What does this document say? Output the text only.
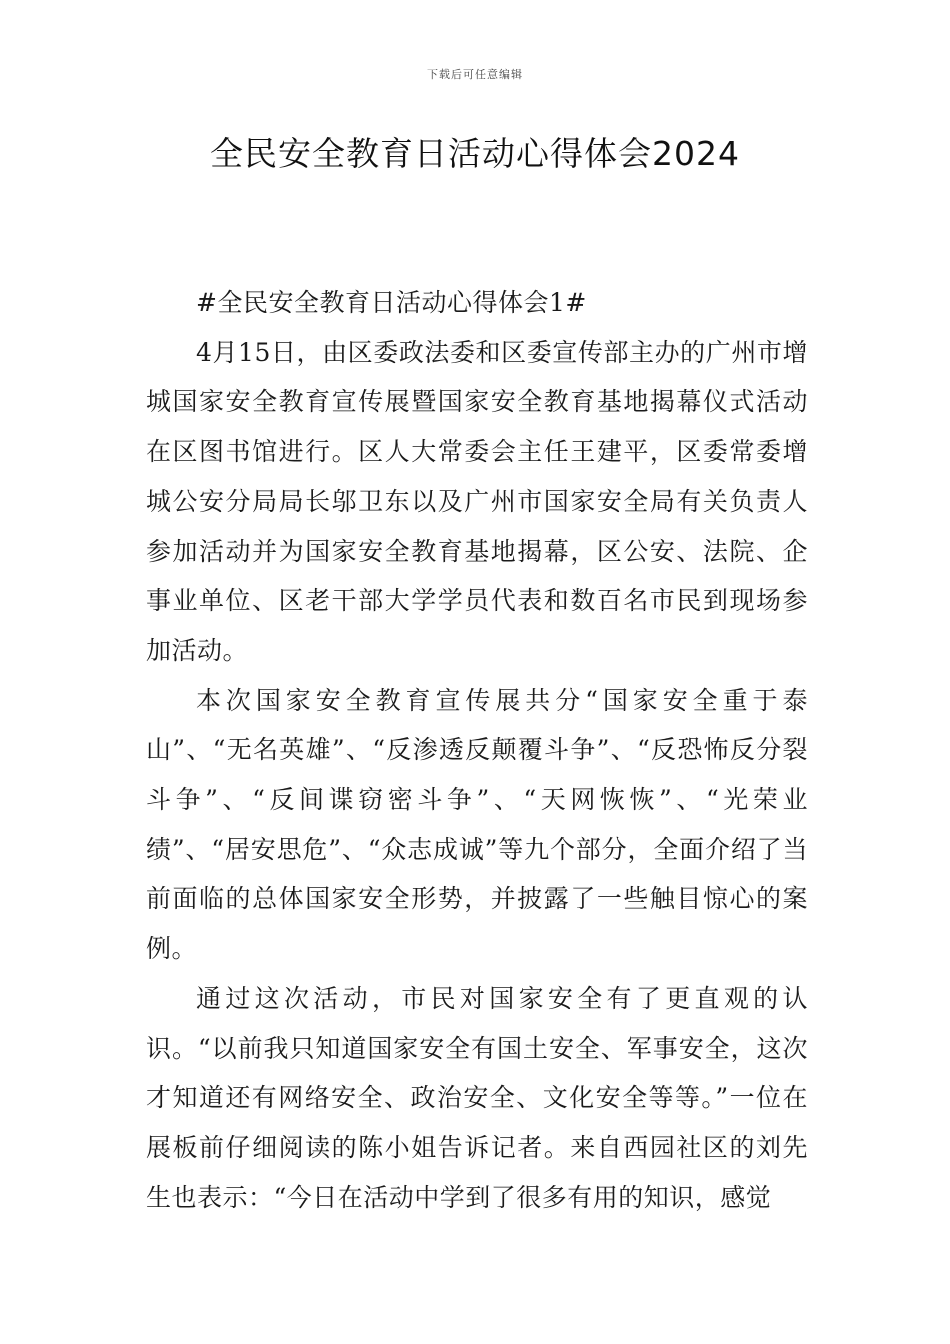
下载后可任意编辑
全民安全教育日活动心得体会2024

#全民安全教育日活动心得体会1#

4月15日，由区委政法委和区委宣传部主办的广州市增城国家安全教育宣传展暨国家安全教育基地揭幕仪式活动在区图书馆进行。区人大常委会主任王建平，区委常委增城公安分局局长邬卫东以及广州市国家安全局有关负责人参加活动并为国家安全教育基地揭幕，区公安、法院、企事业单位、区老干部大学学员代表和数百名市民到现场参加活动。

本次国家安全教育宣传展共分“国家安全重于泰山”、“无名英雄”、“反渗透反颠覆斗争”、“反恐怖反分裂斗争”、“反间谍窃密斗争”、“天网恢恢”、“光荣业绩”、“居安思危”、“众志成诚”等九个部分，全面介绍了当前面临的总体国家安全形势，并披露了一些触目惊心的案例。

通过这次活动，市民对国家安全有了更直观的认识。“以前我只知道国家安全有国土安全、军事安全，这次才知道还有网络安全、政治安全、文化安全等等。”一位在展板前仔细阅读的陈小姐告诉记者。来自西园社区的刘先生也表示：“今日在活动中学到了很多有用的知识，感觉
